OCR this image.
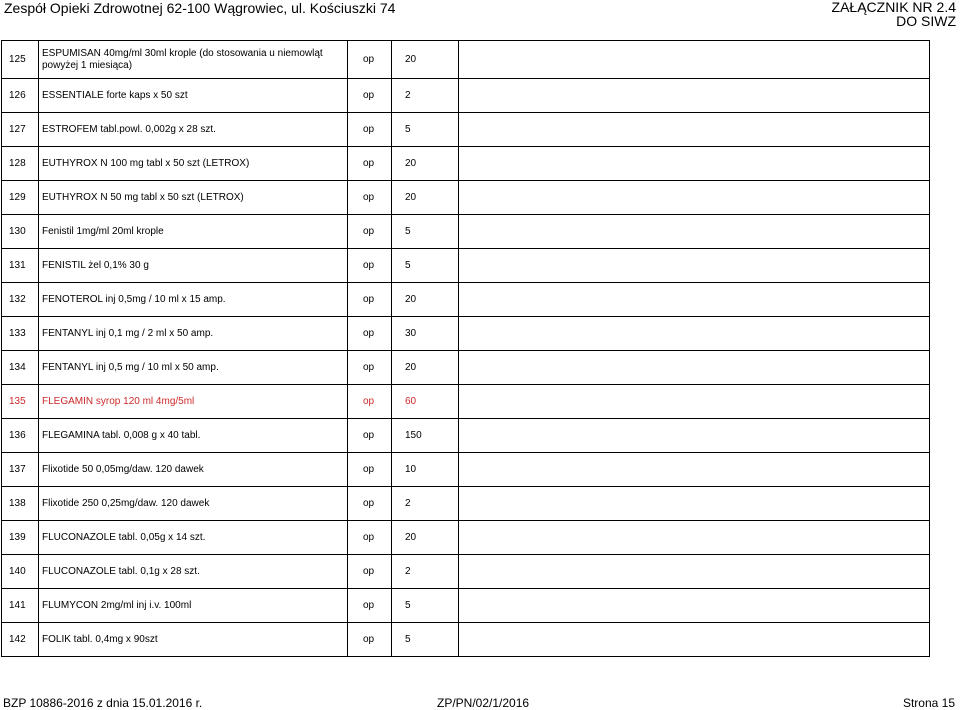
Zespół Opieki Zdrowotnej 62-100 Wągrowiec, ul. Kościuszki 74	ZAŁĄCZNIK NR 2.4
DO SIWZ
125	ESPUMISAN 40mg/ml 30ml krople (do stosowania u niemowląt powyżej 1 miesiąca)	op	20	
126	ESSENTIALE forte kaps x 50 szt	op	2	
127	ESTROFEM tabl.powl. 0,002g x 28 szt.	op	5	
128	EUTHYROX N 100 mg tabl x 50 szt (LETROX)	op	20	
129	EUTHYROX N 50 mg tabl x 50 szt (LETROX)	op	20	
130	Fenistil 1mg/ml 20ml krople	op	5	
131	FENISTIL żel 0,1% 30 g	op	5	
132	FENOTEROL inj 0,5mg / 10 ml x 15 amp.	op	20	
133	FENTANYL inj 0,1 mg / 2 ml x 50 amp.	op	30	
134	FENTANYL inj 0,5 mg / 10 ml x 50 amp.	op	20	
135	FLEGAMIN syrop 120 ml 4mg/5ml	op	60	
136	FLEGAMINA tabl. 0,008 g x 40 tabl.	op	150	
137	Flixotide 50 0,05mg/daw. 120 dawek	op	10	
138	Flixotide 250 0,25mg/daw. 120 dawek	op	2	
139	FLUCONAZOLE tabl. 0,05g x 14 szt.	op	20	
140	FLUCONAZOLE tabl. 0,1g x 28 szt.	op	2	
141	FLUMYCON 2mg/ml inj i.v. 100ml	op	5	
142	FOLIK tabl. 0,4mg x 90szt	op	5	
BZP 10886-2016 z dnia 15.01.2016 r.	ZP/PN/02/1/2016	Strona 15
